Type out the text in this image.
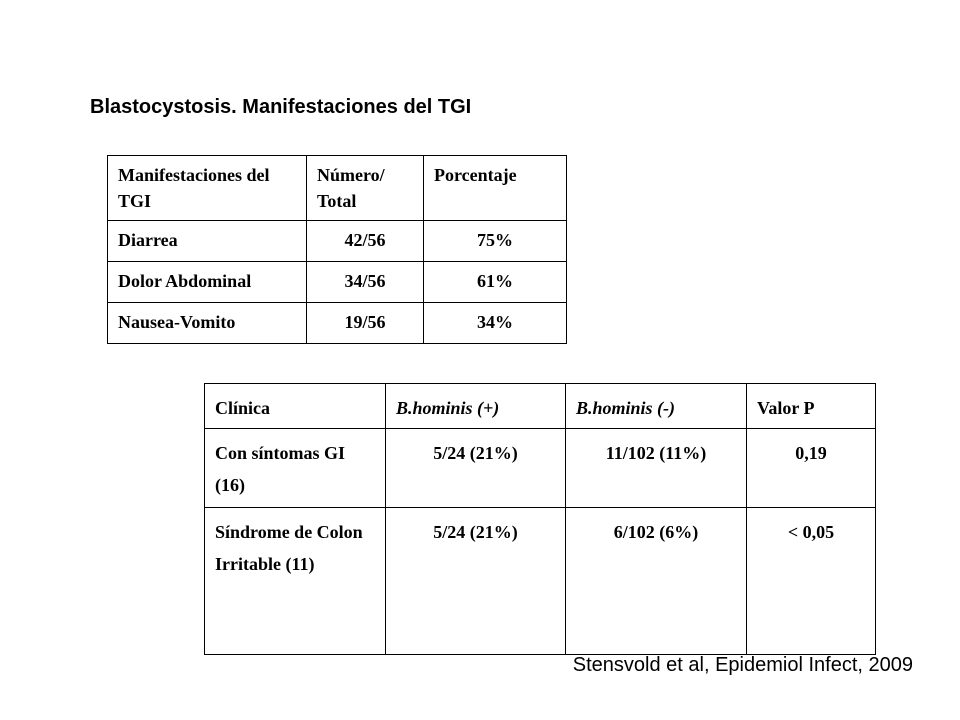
Blastocystosis. Manifestaciones del TGI
Manifestaciones del TGI	Número/ Total	Porcentaje
Diarrea	42/56	75%
Dolor Abdominal	34/56	61%
Nausea-Vomito	19/56	34%
Clínica	B.hominis (+)	B.hominis (-)	Valor P
Con síntomas GI (16)	5/24 (21%)	11/102 (11%)	0,19
Síndrome de Colon Irritable (11)	5/24 (21%)	6/102 (6%)	< 0,05
Stensvold et al, Epidemiol Infect, 2009
